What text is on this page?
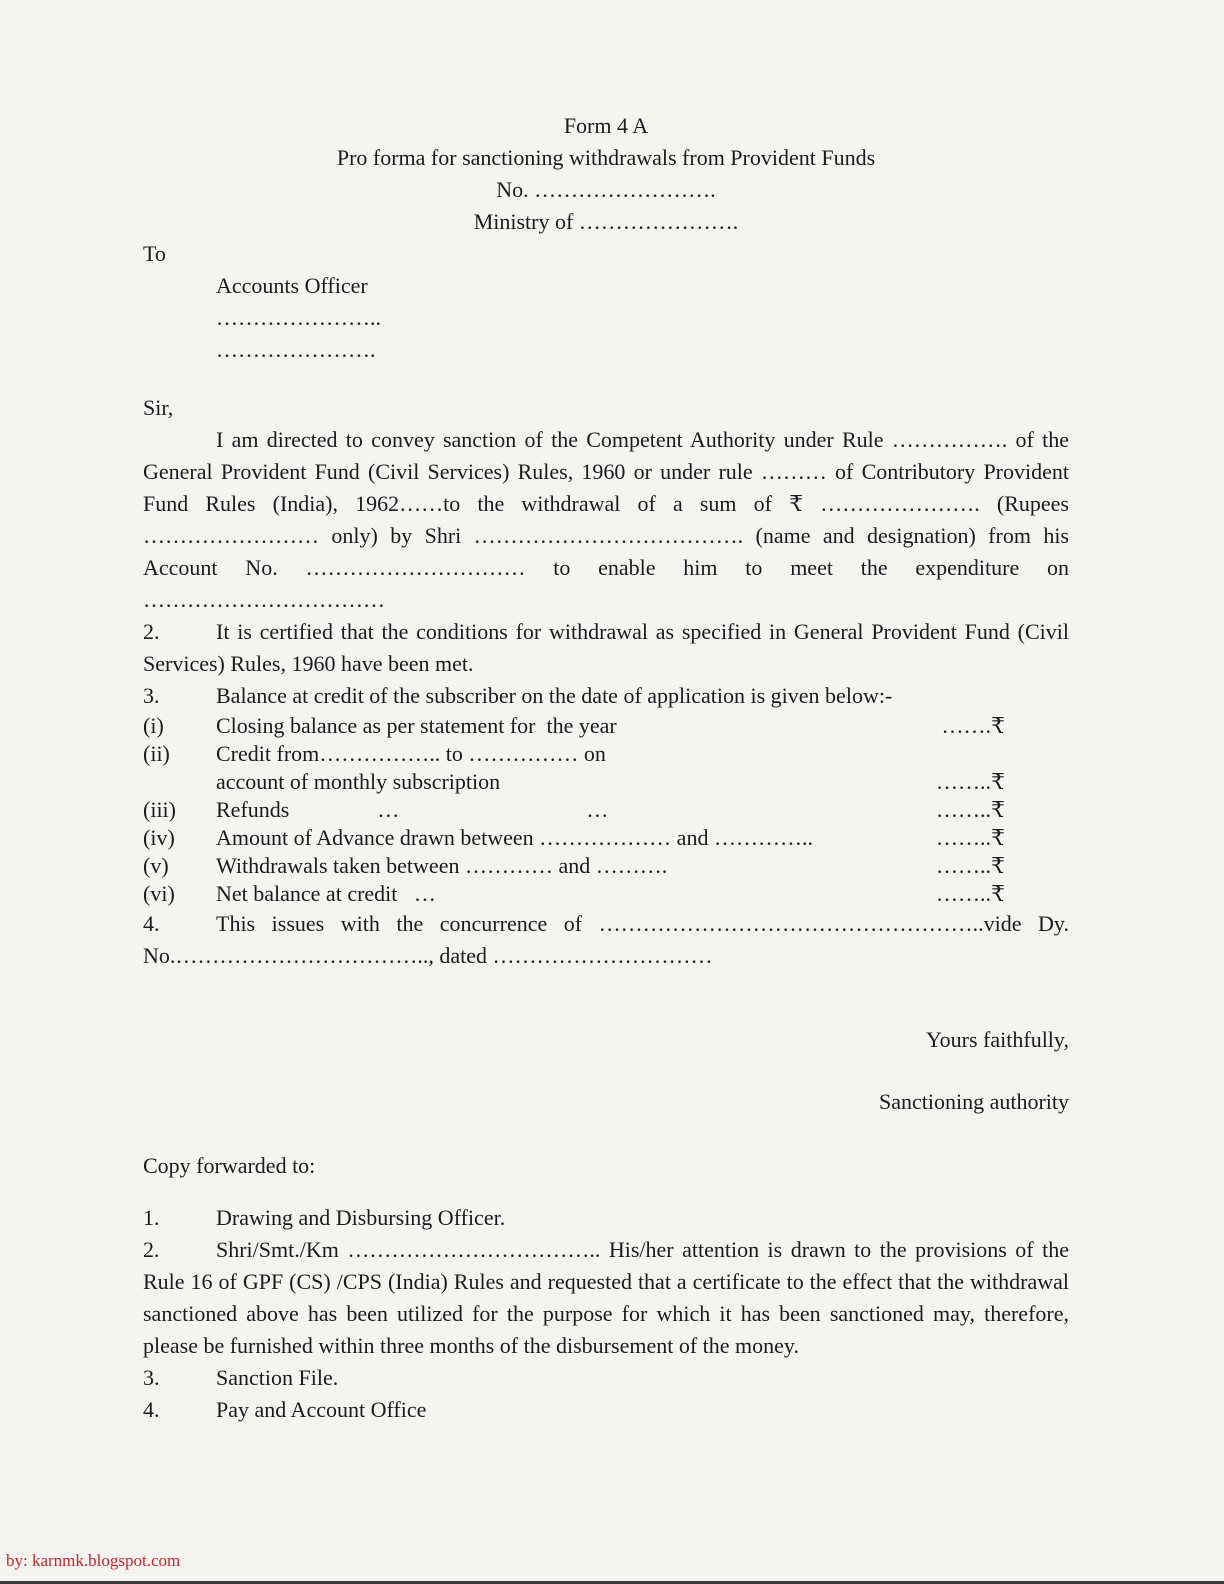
Form 4 A
Pro forma for sanctioning withdrawals from Provident Funds
No. …………………….
Ministry of ………………….
To
Accounts Officer
…………………..
………………….
Sir,

I am directed to convey sanction of the Competent Authority under Rule ……………. of the General Provident Fund (Civil Services) Rules, 1960 or under rule ……… of Contributory Provident Fund Rules (India), 1962……to the withdrawal of a sum of ₹ …………………. (Rupees …………………… only) by Shri ………………………………. (name and designation) from his Account No. ………………………… to enable him to meet the expenditure on ……………………………

2.	It is certified that the conditions for withdrawal as specified in General Provident Fund (Civil Services) Rules, 1960 have been met.

3.	Balance at credit of the subscriber on the date of application is given below:-

(i) Closing balance as per statement for  the year	…….₹
(ii) Credit from…………….. to …………… on
account of monthly subscription	……..₹
(iii) Refunds                …                                  …	……..₹
(iv) Amount of Advance drawn between ……………… and …………..	……..₹
(v) Withdrawals taken between ………… and ……….	……..₹
(vi) Net balance at credit   …	……..₹

4.	This issues with the concurrence of ……………………………………………..vide Dy. No.…………………………….., dated …………………………

Yours faithfully,
Sanctioning authority
Copy forwarded to:

1.	Drawing and Disbursing Officer.

2.	Shri/Smt./Km …………………………….. His/her attention is drawn to the provisions of the Rule 16 of GPF (CS) /CPS (India) Rules and requested that a certificate to the effect that the withdrawal sanctioned above has been utilized for the purpose for which it has been sanctioned may, therefore, please be furnished within three months of the disbursement of the money.

3.	Sanction File.

4.	Pay and Account Office

by: karnmk.blogspot.com
